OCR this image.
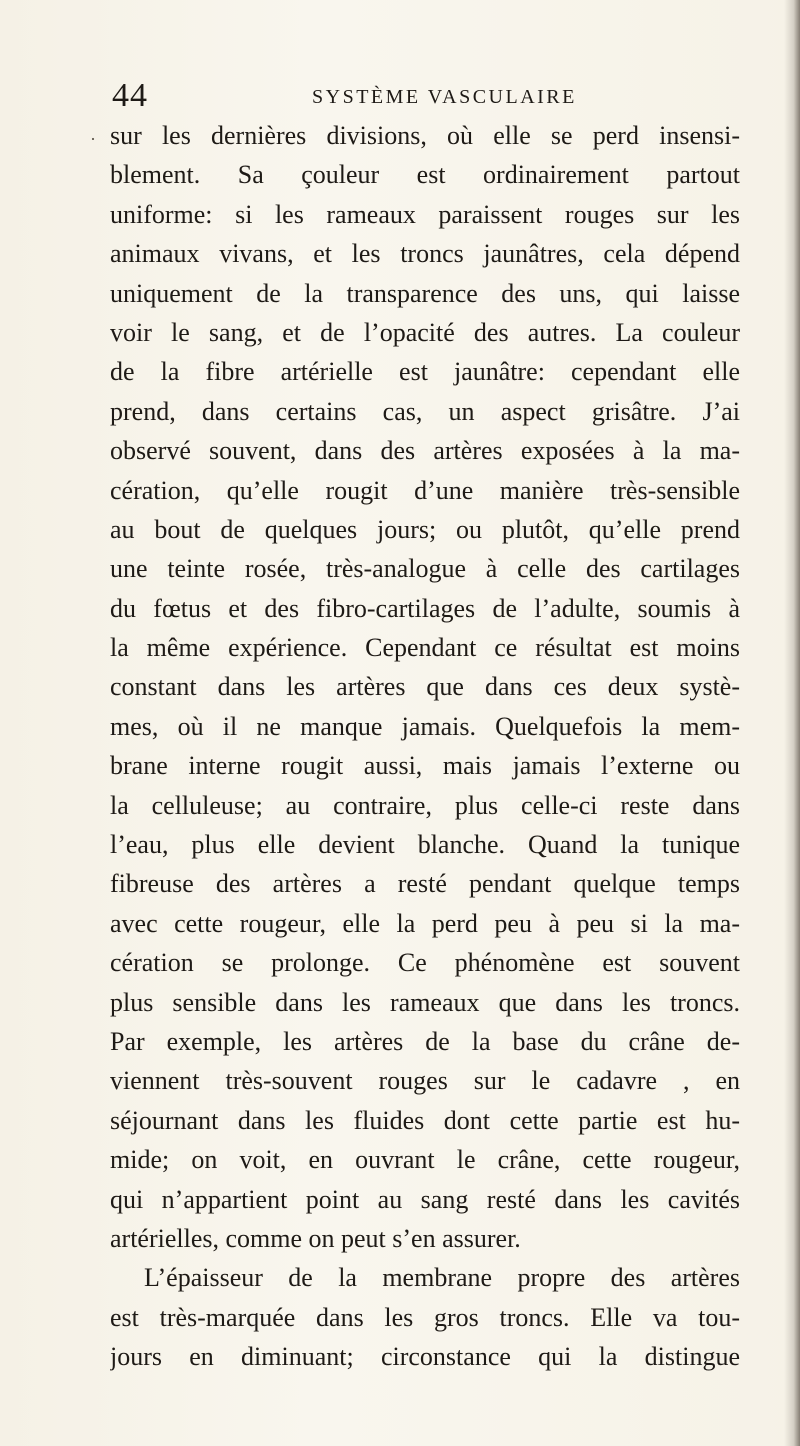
44	SYSTÈME VASCULAIRE
· sur les dernières divisions, où elle se perd insensi-
blement. Sa çouleur est ordinairement partout
uniforme: si les rameaux paraissent rouges sur les
animaux vivans, et les troncs jaunâtres, cela dépend
uniquement de la transparence des uns, qui laisse
voir le sang, et de l’opacité des autres. La couleur
de la fibre artérielle est jaunâtre: cependant elle
prend, dans certains cas, un aspect grisâtre. J’ai
observé souvent, dans des artères exposées à la ma-
cération, qu’elle rougit d’une manière très-sensible
au bout de quelques jours; ou plutôt, qu’elle prend
une teinte rosée, très-analogue à celle des cartilages
du fœtus et des fibro-cartilages de l’adulte, soumis à
la même expérience. Cependant ce résultat est moins
constant dans les artères que dans ces deux systè-
mes, où il ne manque jamais. Quelquefois la mem-
brane interne rougit aussi, mais jamais l’externe ou
la celluleuse; au contraire, plus celle-ci reste dans
l’eau, plus elle devient blanche. Quand la tunique
fibreuse des artères a resté pendant quelque temps
avec cette rougeur, elle la perd peu à peu si la ma-
cération se prolonge. Ce phénomène est souvent
plus sensible dans les rameaux que dans les troncs.
Par exemple, les artères de la base du crâne de-
viennent très-souvent rouges sur le cadavre , en
séjournant dans les fluides dont cette partie est hu-
mide; on voit, en ouvrant le crâne, cette rougeur,
qui n’appartient point au sang resté dans les cavités
artérielles, comme on peut s’en assurer.
L’épaisseur de la membrane propre des artères
est très-marquée dans les gros troncs. Elle va tou-
jours en diminuant; circonstance qui la distingue
